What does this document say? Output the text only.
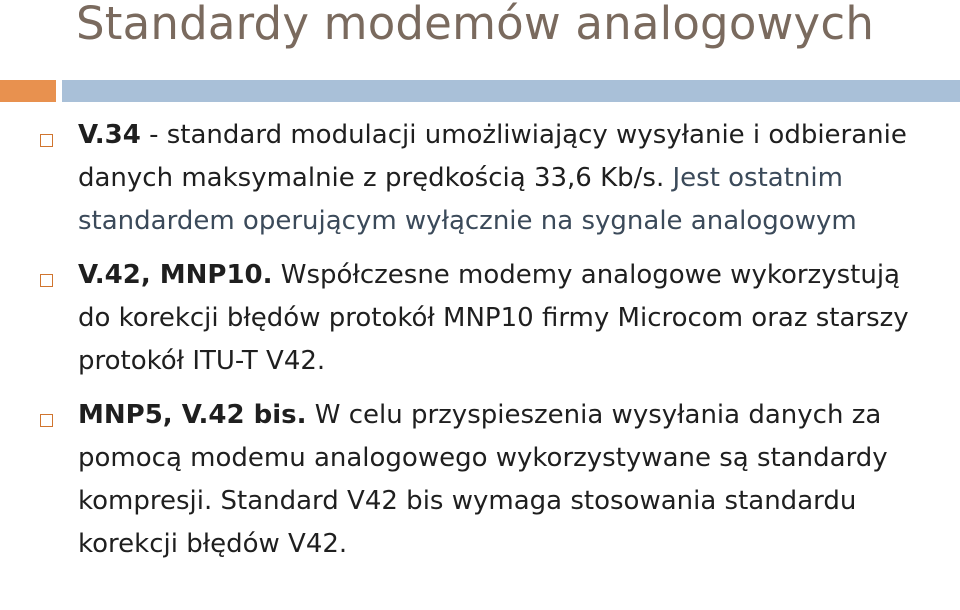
Standardy modemów analogowych
V.34 - standard modulacji umożliwiający wysyłanie i odbieranie danych maksymalnie z prędkością 33,6 Kb/s. Jest ostatnim standardem operującym wyłącznie na sygnale analogowym
V.42, MNP10. Współczesne modemy analogowe wykorzystują do korekcji błędów protokół MNP10 firmy Microcom oraz starszy protokół ITU-T V42.
MNP5, V.42 bis. W celu przyspieszenia wysyłania danych za pomocą modemu analogowego wykorzystywane są standardy kompresji. Standard V42 bis wymaga stosowania standardu korekcji błędów V42.
